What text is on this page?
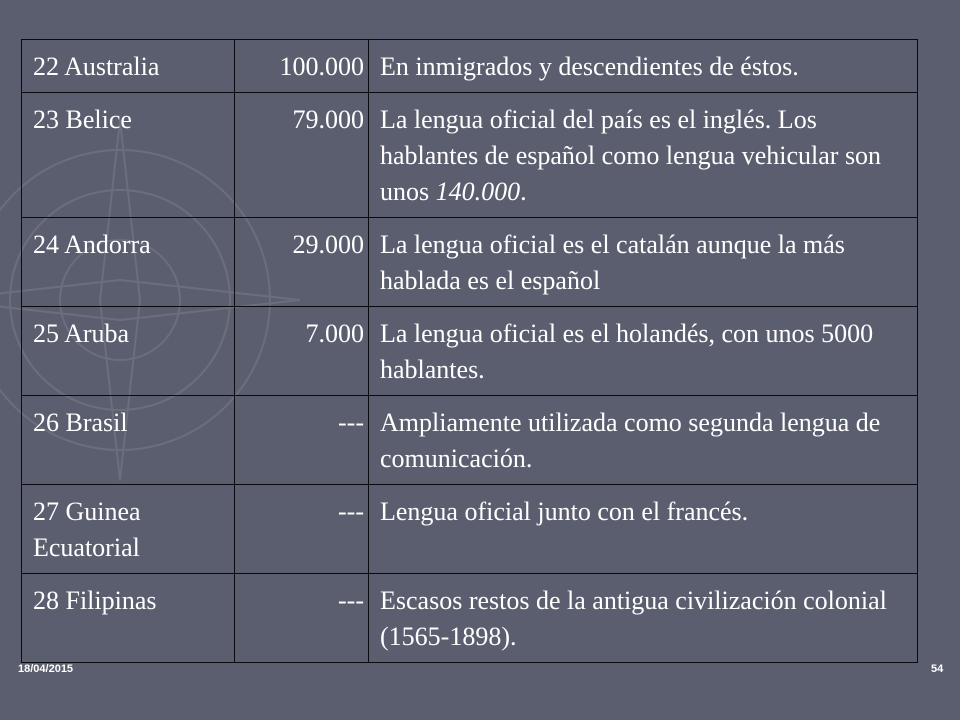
22 Australia	100.000	En inmigrados y descendientes de éstos.
23 Belice	79.000	La lengua oficial del país es el inglés. Los hablantes de español como lengua vehicular son unos 140.000.
24 Andorra	29.000	La lengua oficial es el catalán aunque la más hablada es el español
25 Aruba	7.000	La lengua oficial es el holandés, con unos 5000 hablantes.
26 Brasil	---	Ampliamente utilizada como segunda lengua de comunicación.
27 Guinea Ecuatorial	---	Lengua oficial junto con el francés.
28 Filipinas	---	Escasos restos de la antigua civilización colonial (1565-1898).
18/04/2015	54
